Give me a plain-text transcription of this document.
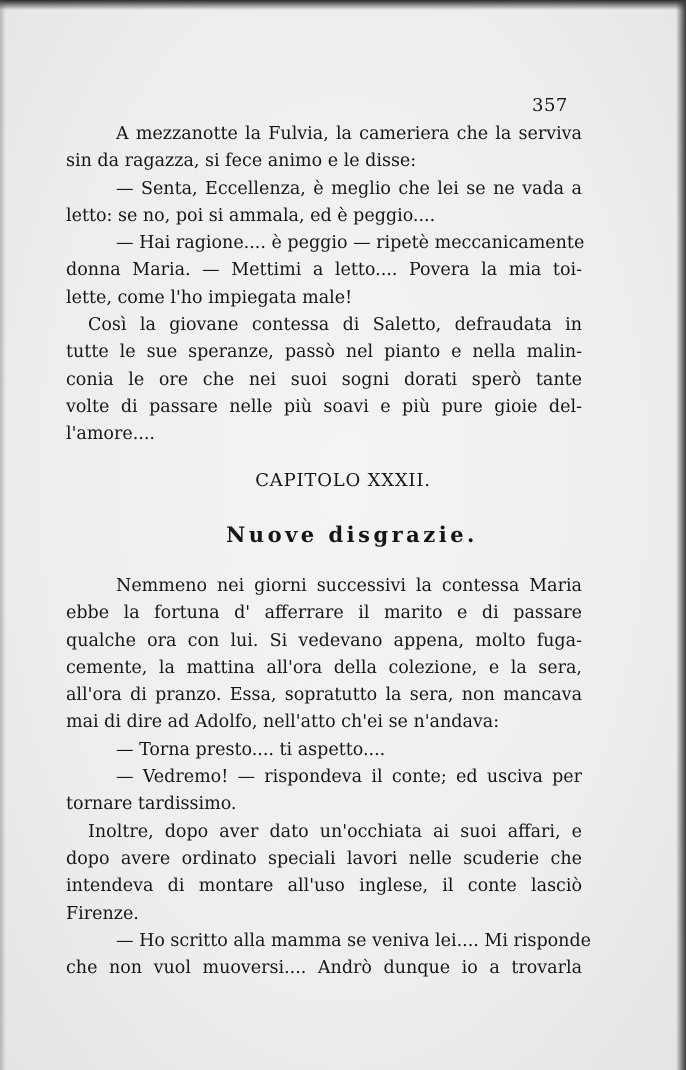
357
A mezzanotte la Fulvia, la cameriera che la serviva
sin da ragazza, si fece animo e le disse:
— Senta, Eccellenza, è meglio che lei se ne vada a
letto: se no, poi si ammala, ed è peggio....
— Hai ragione.... è peggio — ripetè meccanicamente
donna Maria. — Mettimi a letto.... Povera la mia toi-
lette, come l'ho impiegata male!
Così la giovane contessa di Saletto, defraudata in
tutte le sue speranze, passò nel pianto e nella malin-
conia le ore che nei suoi sogni dorati sperò tante
volte di passare nelle più soavi e più pure gioie del-
l'amore....
CAPITOLO XXXII.
Nuove disgrazie.
Nemmeno nei giorni successivi la contessa Maria
ebbe la fortuna d' afferrare il marito e di passare
qualche ora con lui. Si vedevano appena, molto fuga-
cemente, la mattina all'ora della colezione, e la sera,
all'ora di pranzo. Essa, sopratutto la sera, non mancava
mai di dire ad Adolfo, nell'atto ch'ei se n'andava:
— Torna presto.... ti aspetto....
— Vedremo! — rispondeva il conte; ed usciva per
tornare tardissimo.
Inoltre, dopo aver dato un'occhiata ai suoi affari, e
dopo avere ordinato speciali lavori nelle scuderie che
intendeva di montare all'uso inglese, il conte lasciò
Firenze.
— Ho scritto alla mamma se veniva lei.... Mi risponde
che non vuol muoversi.... Andrò dunque io a trovarla
